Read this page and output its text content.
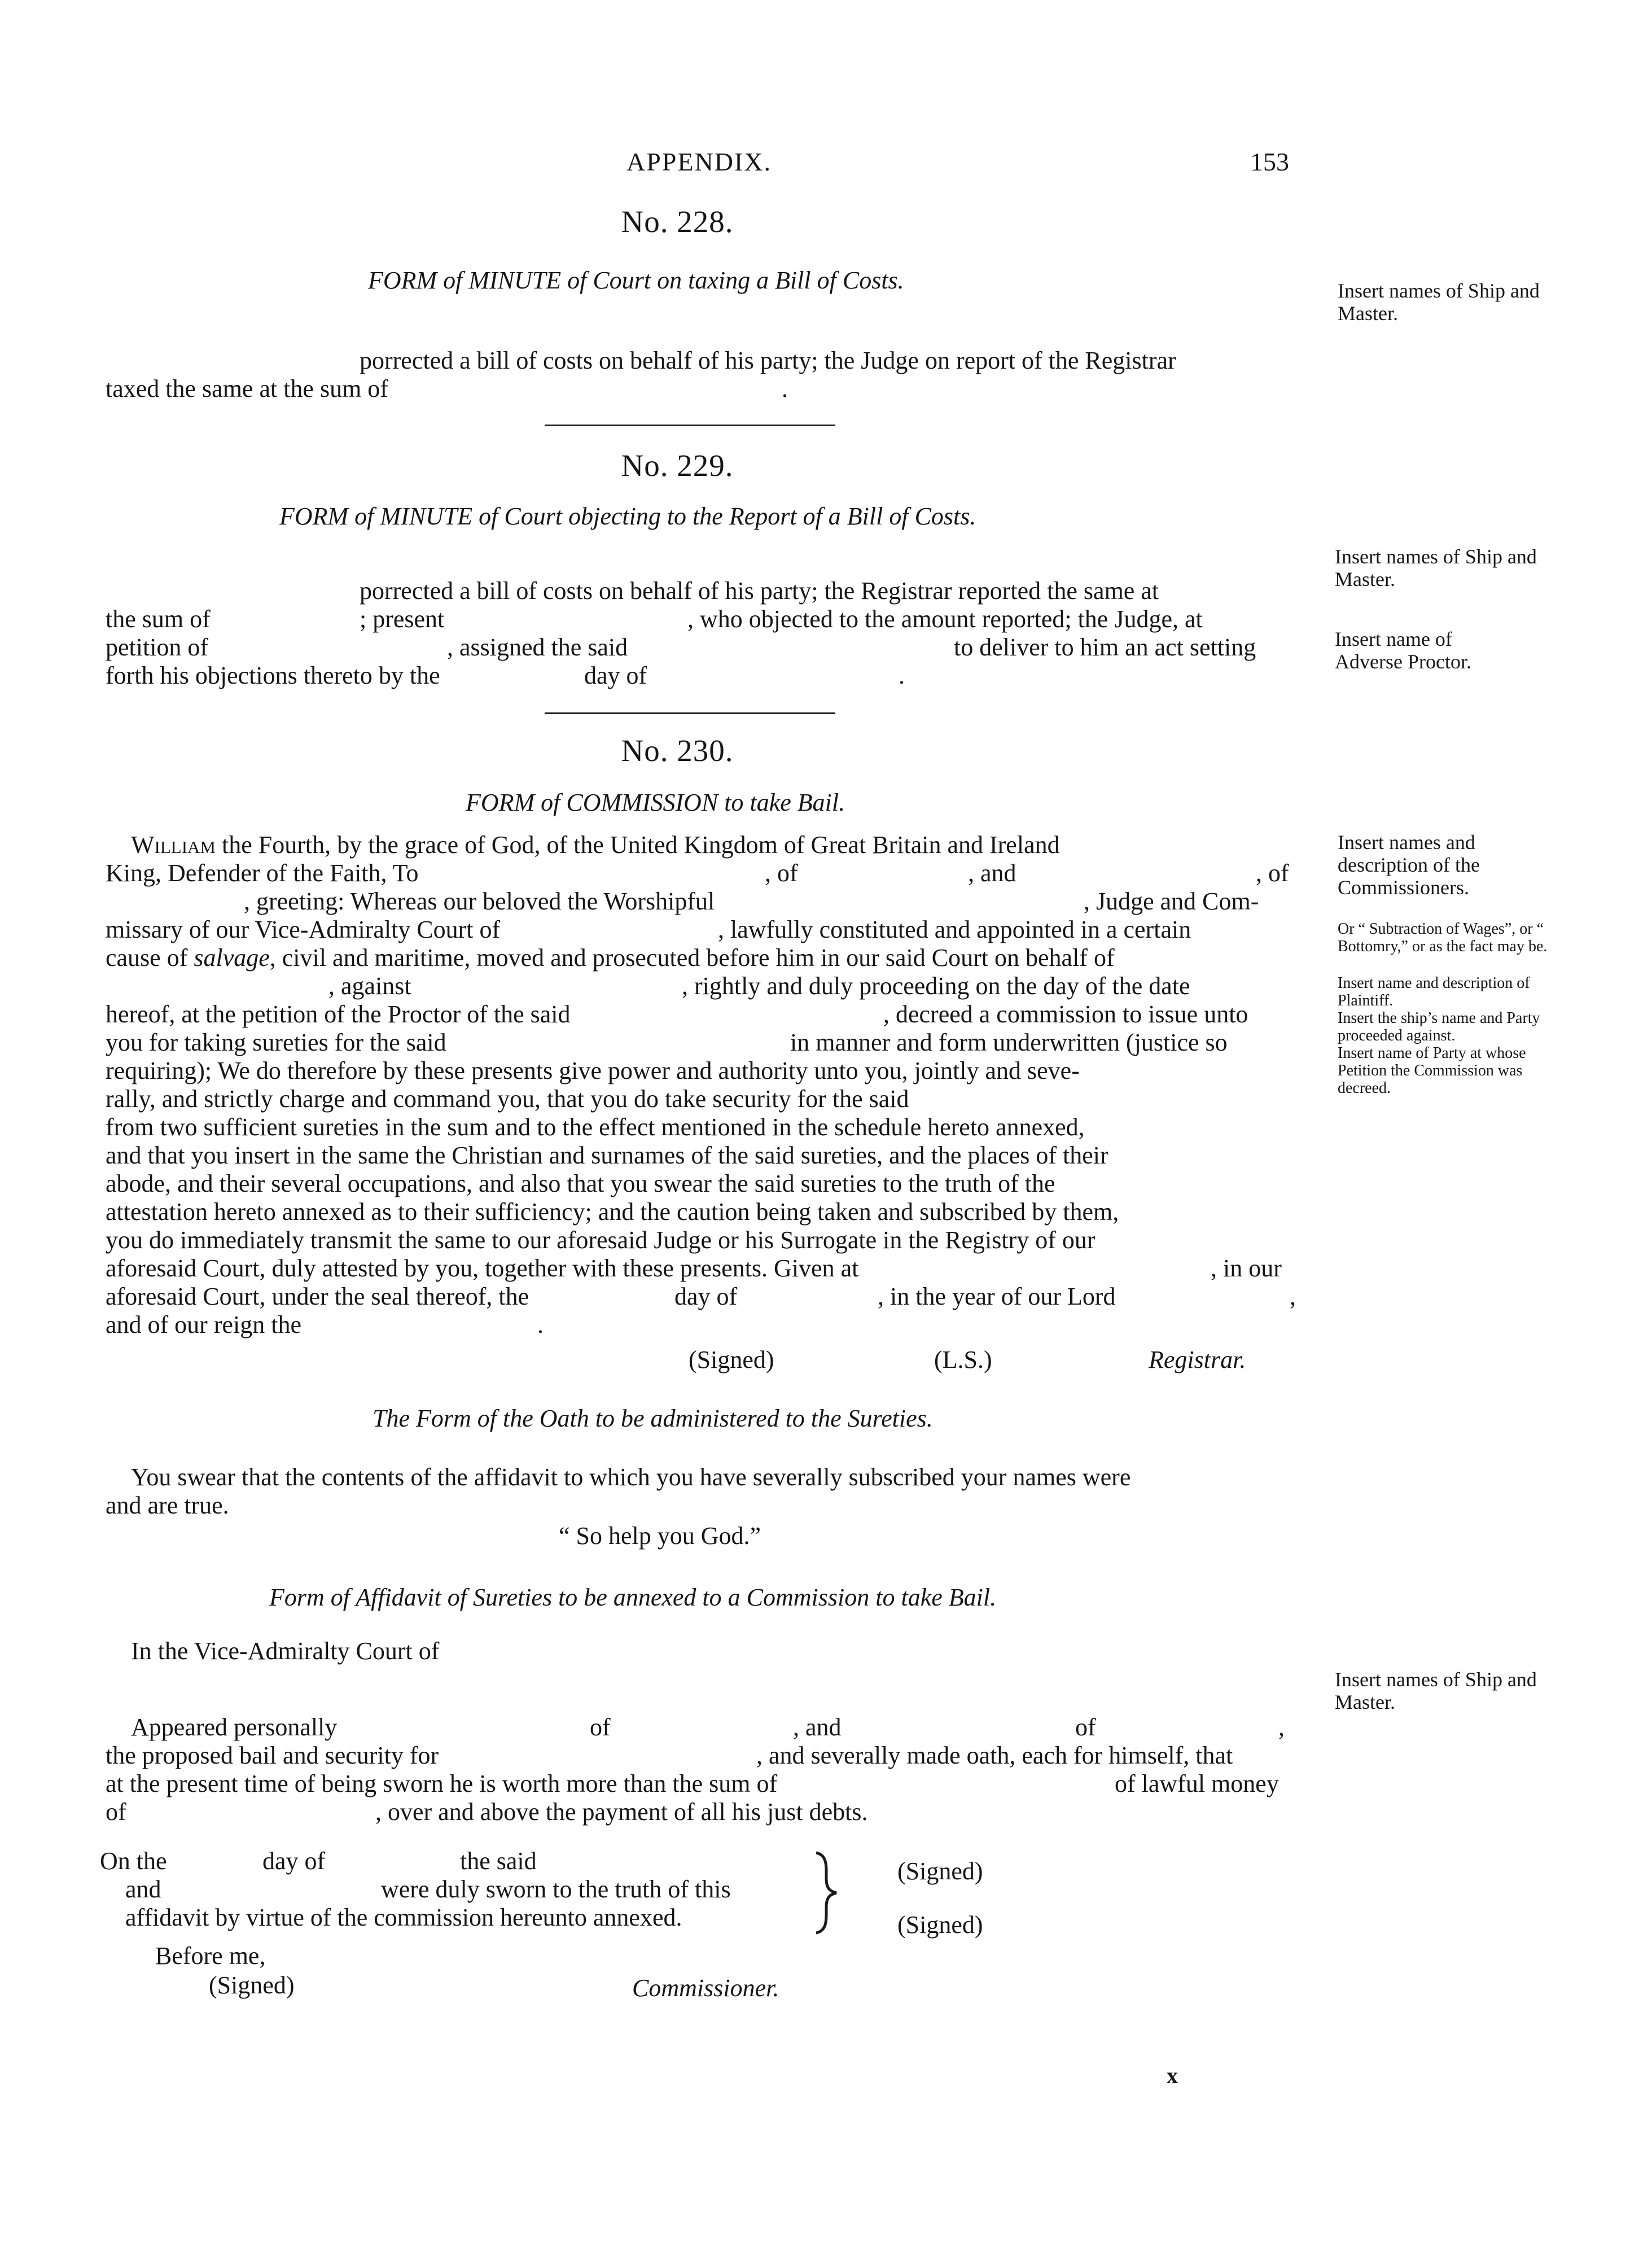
APPENDIX.	153
No. 228.
FORM of MINUTE of Court on taxing a Bill of Costs.	Insert names of Ship and Master.
porrected a bill of costs on behalf of his party; the Judge on report of the Registrar
taxed the same at the sum of	.
No. 229.
FORM of MINUTE of Court objecting to the Report of a Bill of Costs.
Insert names of Ship and Master.
Insert name of Adverse Proctor.
porrected a bill of costs on behalf of his party; the Registrar reported the same at
the sum of	; present	, who objected to the amount reported; the Judge, at
petition of	, assigned the said	to deliver to him an act setting
forth his objections thereto by the	day of	.
No. 230.
FORM of COMMISSION to take Bail.
Insert names and description of the Commissioners.
Or “ Subtraction of Wages”, or “ Bottomry,” or as the fact may be.
Insert name and description of Plaintiff.
Insert the ship’s name and Party proceeded against.
Insert name of Party at whose Petition the Commission was decreed.
William the Fourth, by the grace of God, of the United Kingdom of Great Britain and Ireland
King, Defender of the Faith, To	, of	, and	, of
, greeting: Whereas our beloved the Worshipful	, Judge and Com-
missary of our Vice-Admiralty Court of	, lawfully constituted and appointed in a certain
cause of salvage, civil and maritime, moved and prosecuted before him in our said Court on behalf of
, against	, rightly and duly proceeding on the day of the date
hereof, at the petition of the Proctor of the said	, decreed a commission to issue unto
you for taking sureties for the said	in manner and form underwritten (justice so
requiring); We do therefore by these presents give power and authority unto you, jointly and seve-
rally, and strictly charge and command you, that you do take security for the said
from two sufficient sureties in the sum and to the effect mentioned in the schedule hereto annexed,
and that you insert in the same the Christian and surnames of the said sureties, and the places of their
abode, and their several occupations, and also that you swear the said sureties to the truth of the
attestation hereto annexed as to their sufficiency; and the caution being taken and subscribed by them,
you do immediately transmit the same to our aforesaid Judge or his Surrogate in the Registry of our
aforesaid Court, duly attested by you, together with these presents. Given at	, in our
aforesaid Court, under the seal thereof, the	day of	, in the year of our Lord	,
and of our reign the	.
(Signed)	(L.S.)	Registrar.
The Form of the Oath to be administered to the Sureties.
You swear that the contents of the affidavit to which you have severally subscribed your names were
and are true.
“ So help you God.”
Form of Affidavit of Sureties to be annexed to a Commission to take Bail.
In the Vice-Admiralty Court of
Insert names of Ship and Master.
Appeared personally	of	, and	of	,
the proposed bail and security for	, and severally made oath, each for himself, that
at the present time of being sworn he is worth more than the sum of	of lawful money
of	, over and above the payment of all his just debts.
On the	day of	the said
and	were duly sworn to the truth of this
affidavit by virtue of the commission hereunto annexed.
(Signed)
(Signed)
Before me,
(Signed)	Commissioner.
x
